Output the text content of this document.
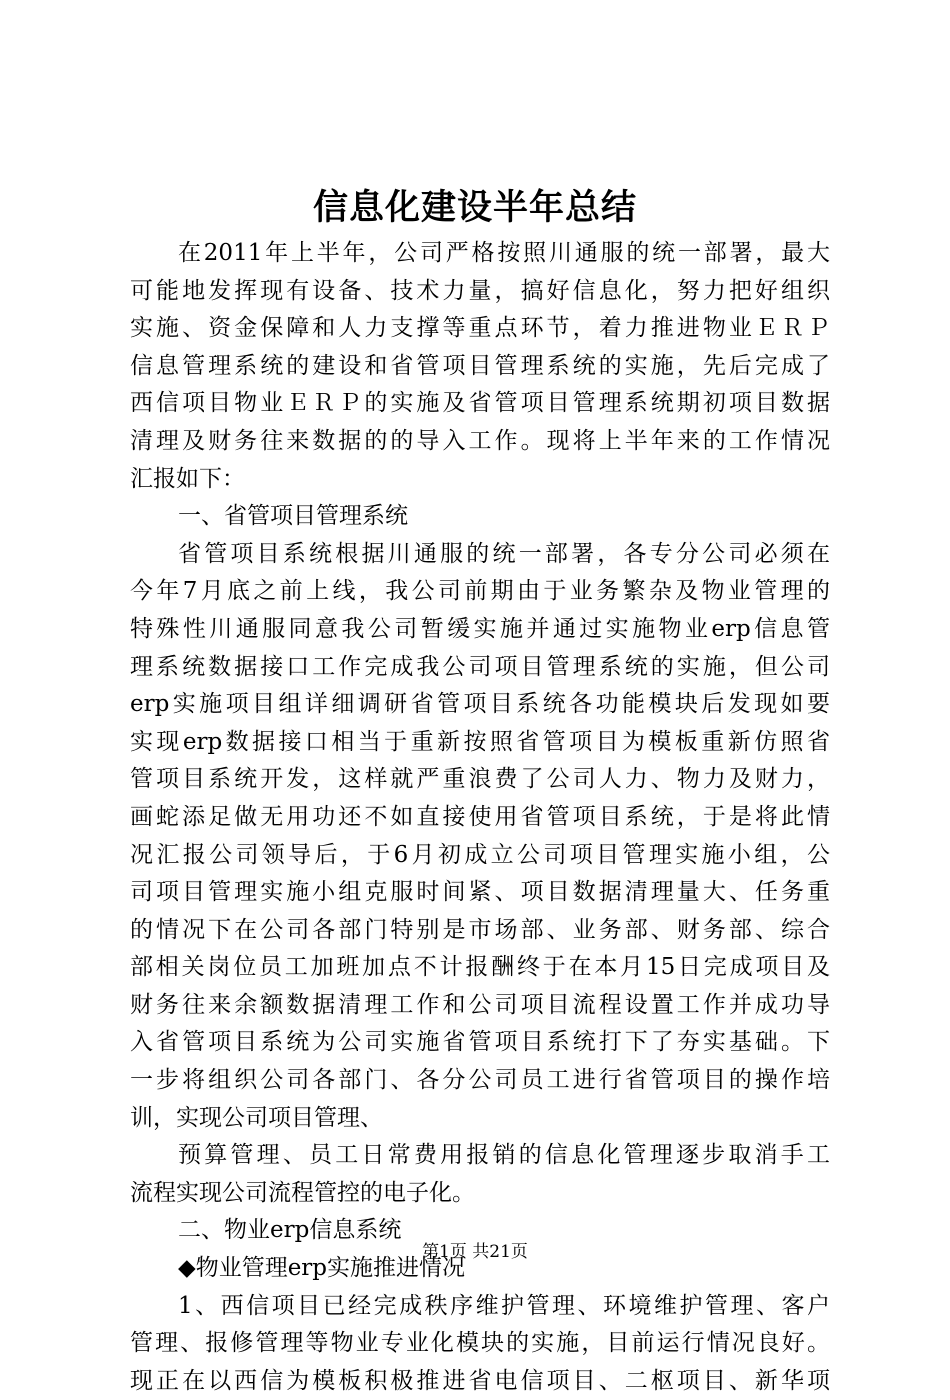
信息化建设半年总结
在2011年上半年，公司严格按照川通服的统一部署，最大
可能地发挥现有设备、技术力量，搞好信息化，努力把好组织
实施、资金保障和人力支撑等重点环节，着力推进物业ＥＲＰ
信息管理系统的建设和省管项目管理系统的实施，先后完成了
西信项目物业ＥＲＰ的实施及省管项目管理系统期初项目数据
清理及财务往来数据的的导入工作。现将上半年来的工作情况
汇报如下：
一、省管项目管理系统
省管项目系统根据川通服的统一部署，各专分公司必须在
今年7月底之前上线，我公司前期由于业务繁杂及物业管理的
特殊性川通服同意我公司暂缓实施并通过实施物业erp信息管
理系统数据接口工作完成我公司项目管理系统的实施，但公司
erp实施项目组详细调研省管项目系统各功能模块后发现如要
实现erp数据接口相当于重新按照省管项目为模板重新仿照省
管项目系统开发，这样就严重浪费了公司人力、物力及财力，
画蛇添足做无用功还不如直接使用省管项目系统，于是将此情
况汇报公司领导后，于6月初成立公司项目管理实施小组，公
司项目管理实施小组克服时间紧、项目数据清理量大、任务重
的情况下在公司各部门特别是市场部、业务部、财务部、综合
部相关岗位员工加班加点不计报酬终于在本月15日完成项目及
财务往来余额数据清理工作和公司项目流程设置工作并成功导
入省管项目系统为公司实施省管项目系统打下了夯实基础。下
一步将组织公司各部门、各分公司员工进行省管项目的操作培
训，实现公司项目管理、
预算管理、员工日常费用报销的信息化管理逐步取消手工
流程实现公司流程管控的电子化。
二、物业erp信息系统
◆物业管理erp实施推进情况
1、西信项目已经完成秩序维护管理、环境维护管理、客户
管理、报修管理等物业专业化模块的实施，目前运行情况良好。
现正在以西信为模板积极推进省电信项目、二枢项目、新华项
第1页 共21页
